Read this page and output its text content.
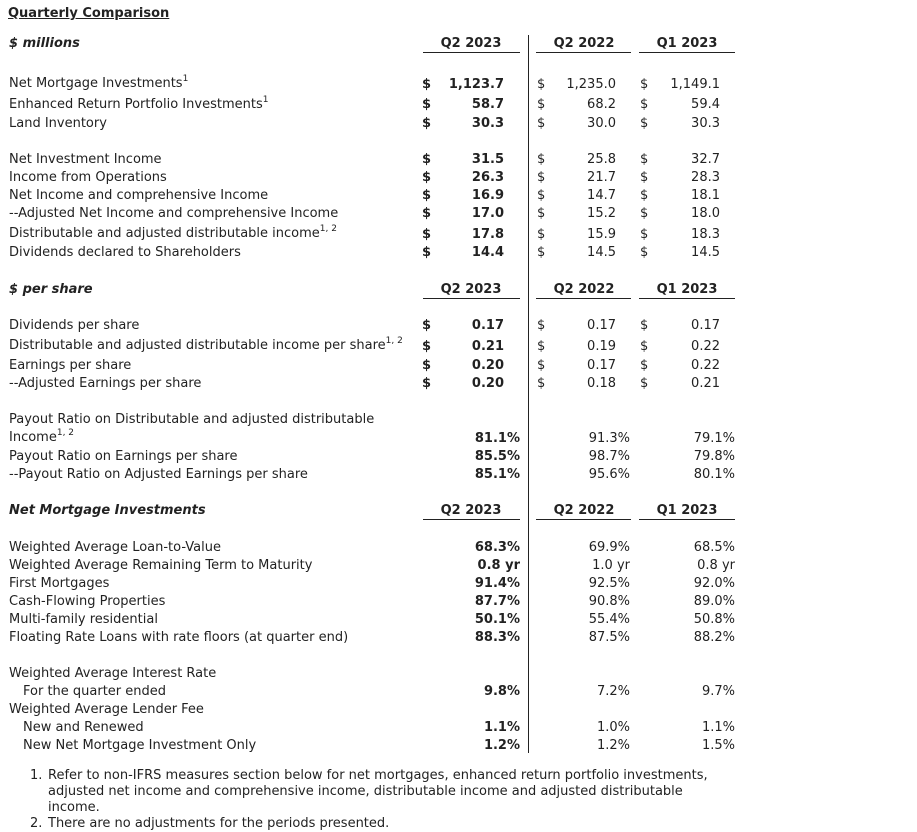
Quarterly Comparison
$ millions	Q2 2023	Q2 2022	Q1 2023
Net Mortgage Investments$^1$	$	1,123.7	$	1,235.0 $	1,149.1
Enhanced Return Portfolio Investments$^1$	$	58.7	$	68.2 $	59.4
Land Inventory	$	30.3	$	30.0 $	30.3
Net Investment Income	$	31.5	$	25.8 $	32.7
Income from Operations	$	26.3	$	21.7 $	28.3
Net Income and comprehensive Income	$	16.9	$	14.7 $	18.1
--Adjusted Net Income and comprehensive Income	$	17.0	$	15.2 $	18.0
Distributable and adjusted distributable income$^{1, 2}$	$	17.8	$	15.9 $	18.3
Dividends declared to Shareholders	$	14.4	$	14.5 $	14.5
$ per share	Q2 2023	Q2 2022	Q1 2023
Dividends per share	$	0.17	$	0.17 $	0.17
Distributable and adjusted distributable income per share$^{1, 2}$ $	0.21	$	0.19 $	0.22
Earnings per share	$	0.20	$	0.17 $	0.22
--Adjusted Earnings per share	$	0.20	$	0.18 $	0.21
Payout Ratio on Distributable and adjusted distributable
Income$^{1, 2}$	81.1%	91.3%	79.1%
Payout Ratio on Earnings per share	85.5%	98.7%	79.8%
--Payout Ratio on Adjusted Earnings per share	85.1%	95.6%	80.1%
Net Mortgage Investments	Q2 2023	Q2 2022	Q1 2023
Weighted Average Loan-to-Value	68.3%	69.9%	68.5%
Weighted Average Remaining Term to Maturity	0.8 yr	1.0 yr	0.8 yr
First Mortgages	91.4%	92.5%	92.0%
Cash-Flowing Properties	87.7%	90.8%	89.0%
Multi-family residential	50.1%	55.4%	50.8%
Floating Rate Loans with rate floors (at quarter end)	88.3%	87.5%	88.2%
Weighted Average Interest Rate
For the quarter ended	9.8%	7.2%	9.7%
Weighted Average Lender Fee
New and Renewed	1.1%	1.0%	1.1%
New Net Mortgage Investment Only	1.2%	1.2%	1.5%
1. Refer to non-IFRS measures section below for net mortgages, enhanced return portfolio investments, adjusted net income and comprehensive income, distributable income and adjusted distributable income.
2. There are no adjustments for the periods presented.
